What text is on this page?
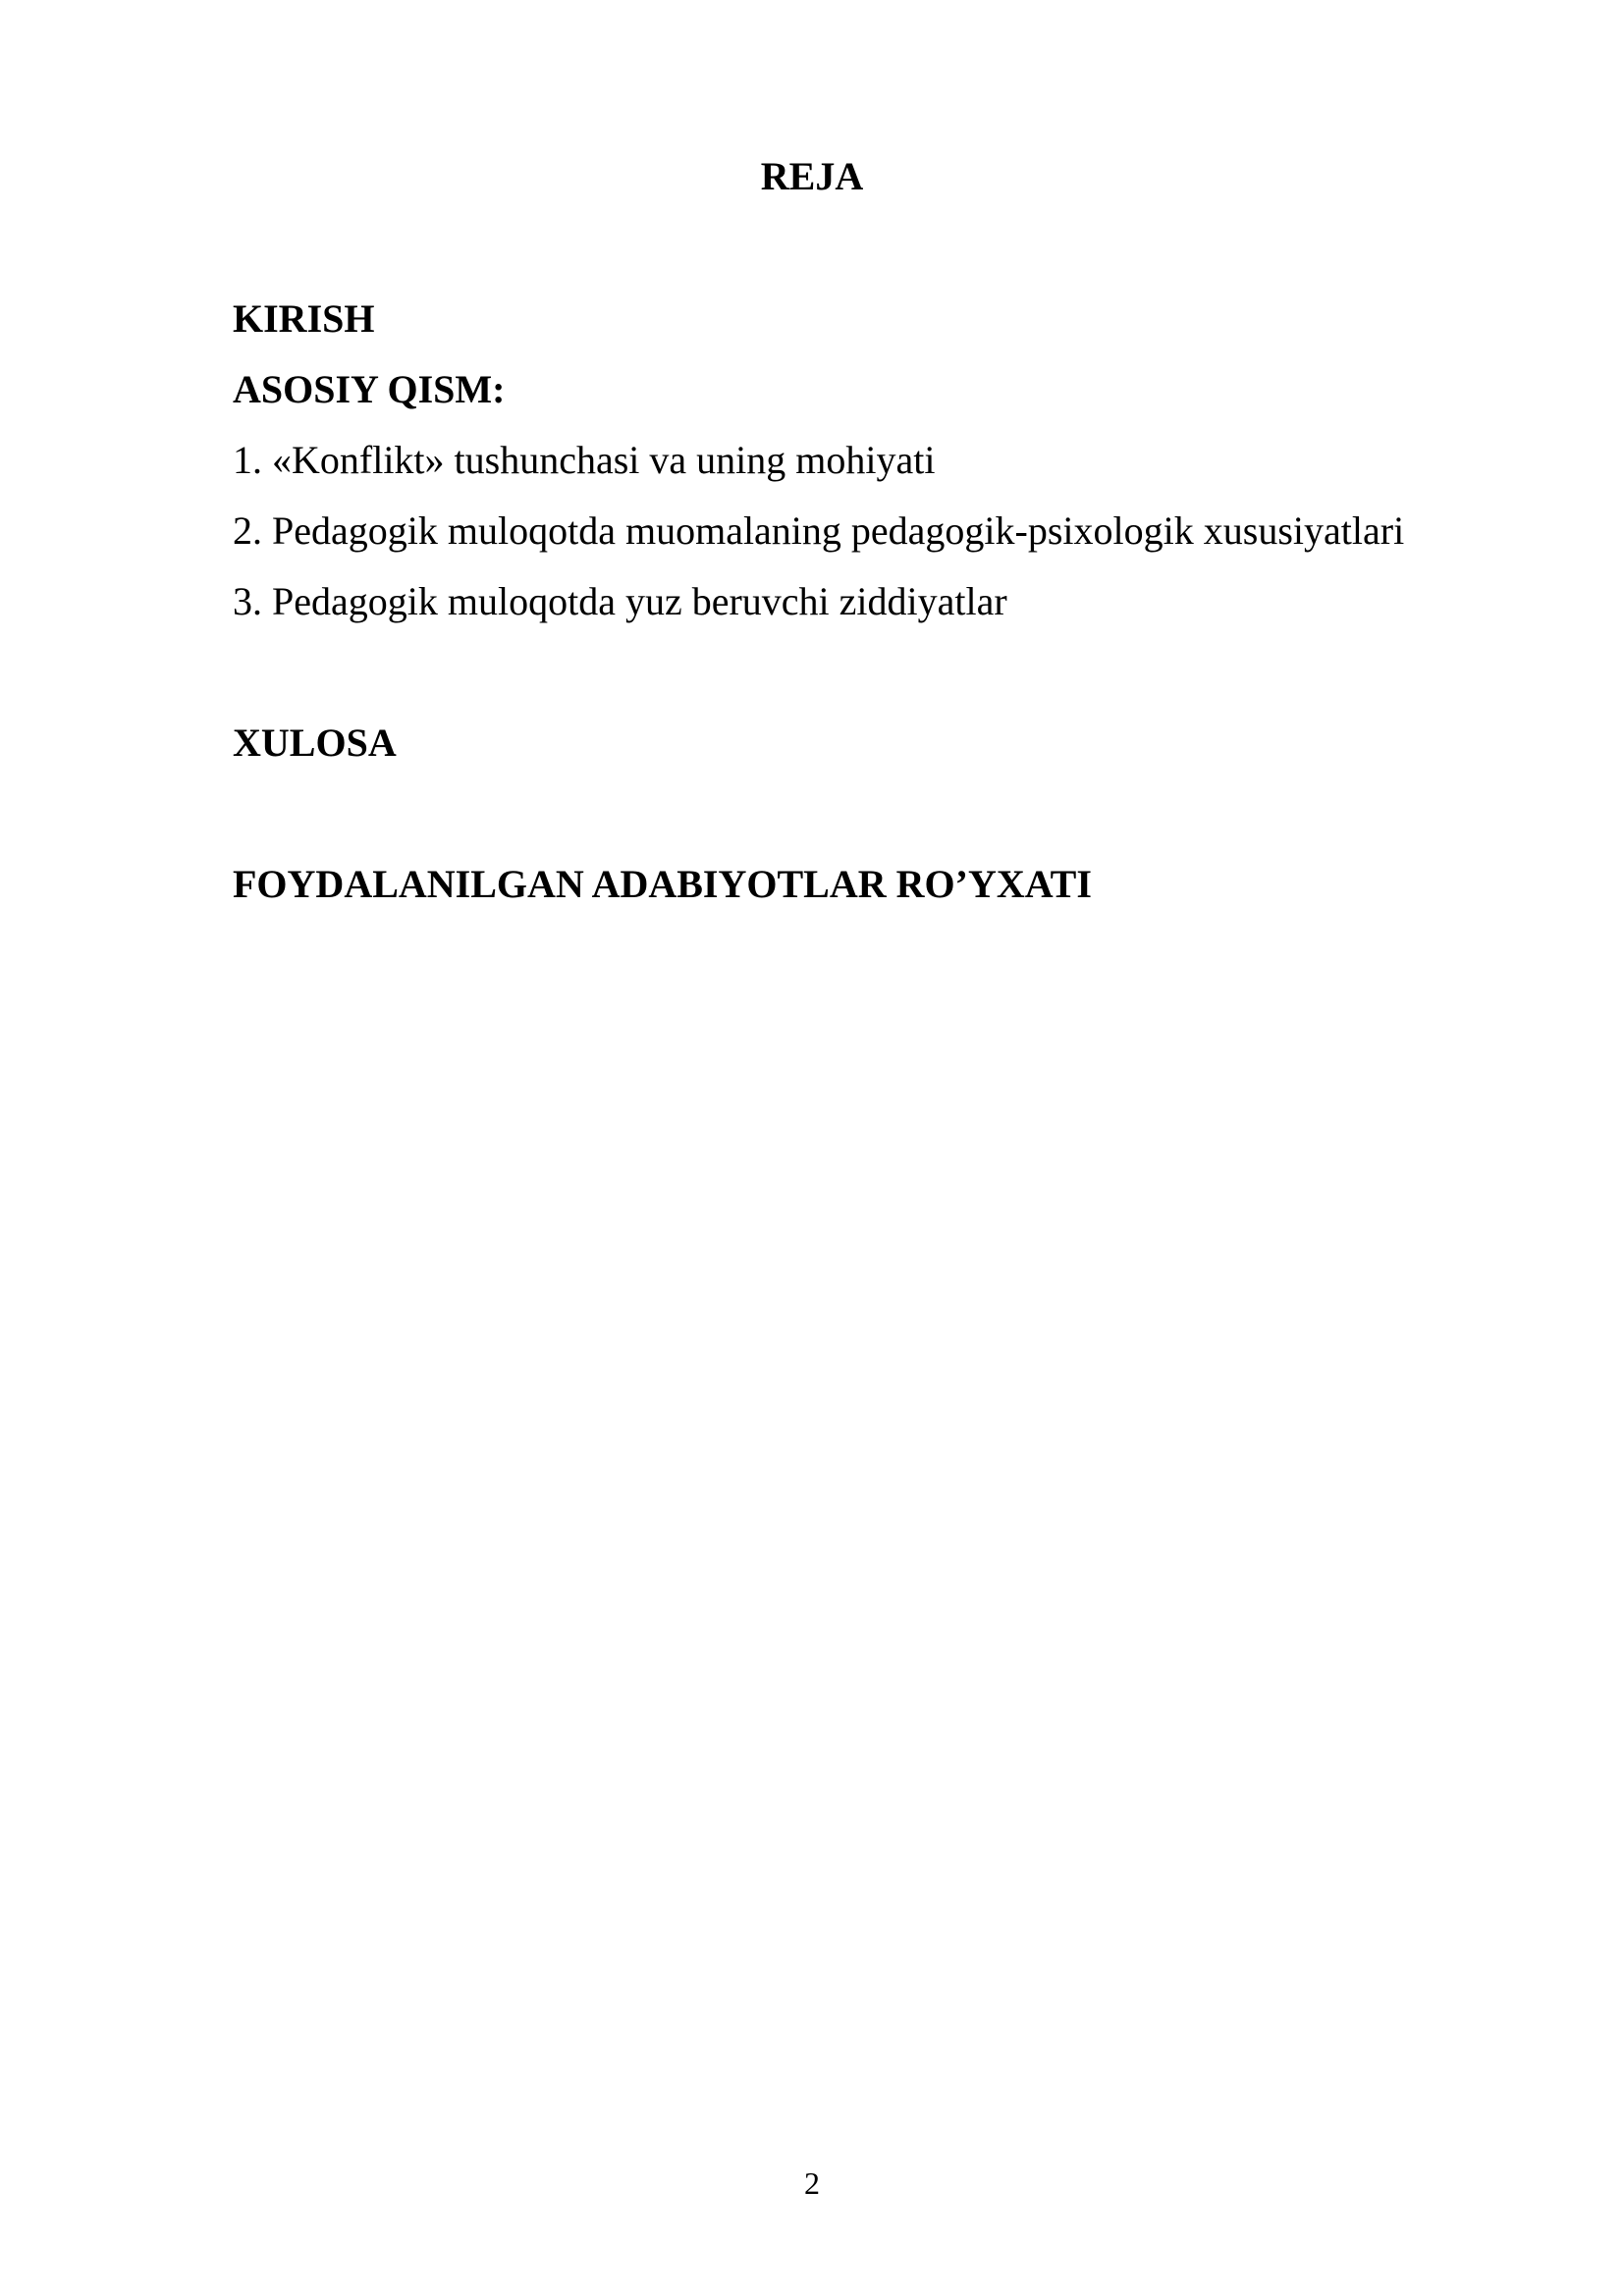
REJA

KIRISH

ASOSIY QISM:

1. «Konflikt» tushunchasi va uning mohiyati

2. Pedagogik muloqotda muomalaning pedagogik-psixologik xususiyatlari

3. Pedagogik muloqotda yuz beruvchi ziddiyatlar

XULOSA

FOYDALANILGAN ADABIYOTLAR RO’YXATI

2
